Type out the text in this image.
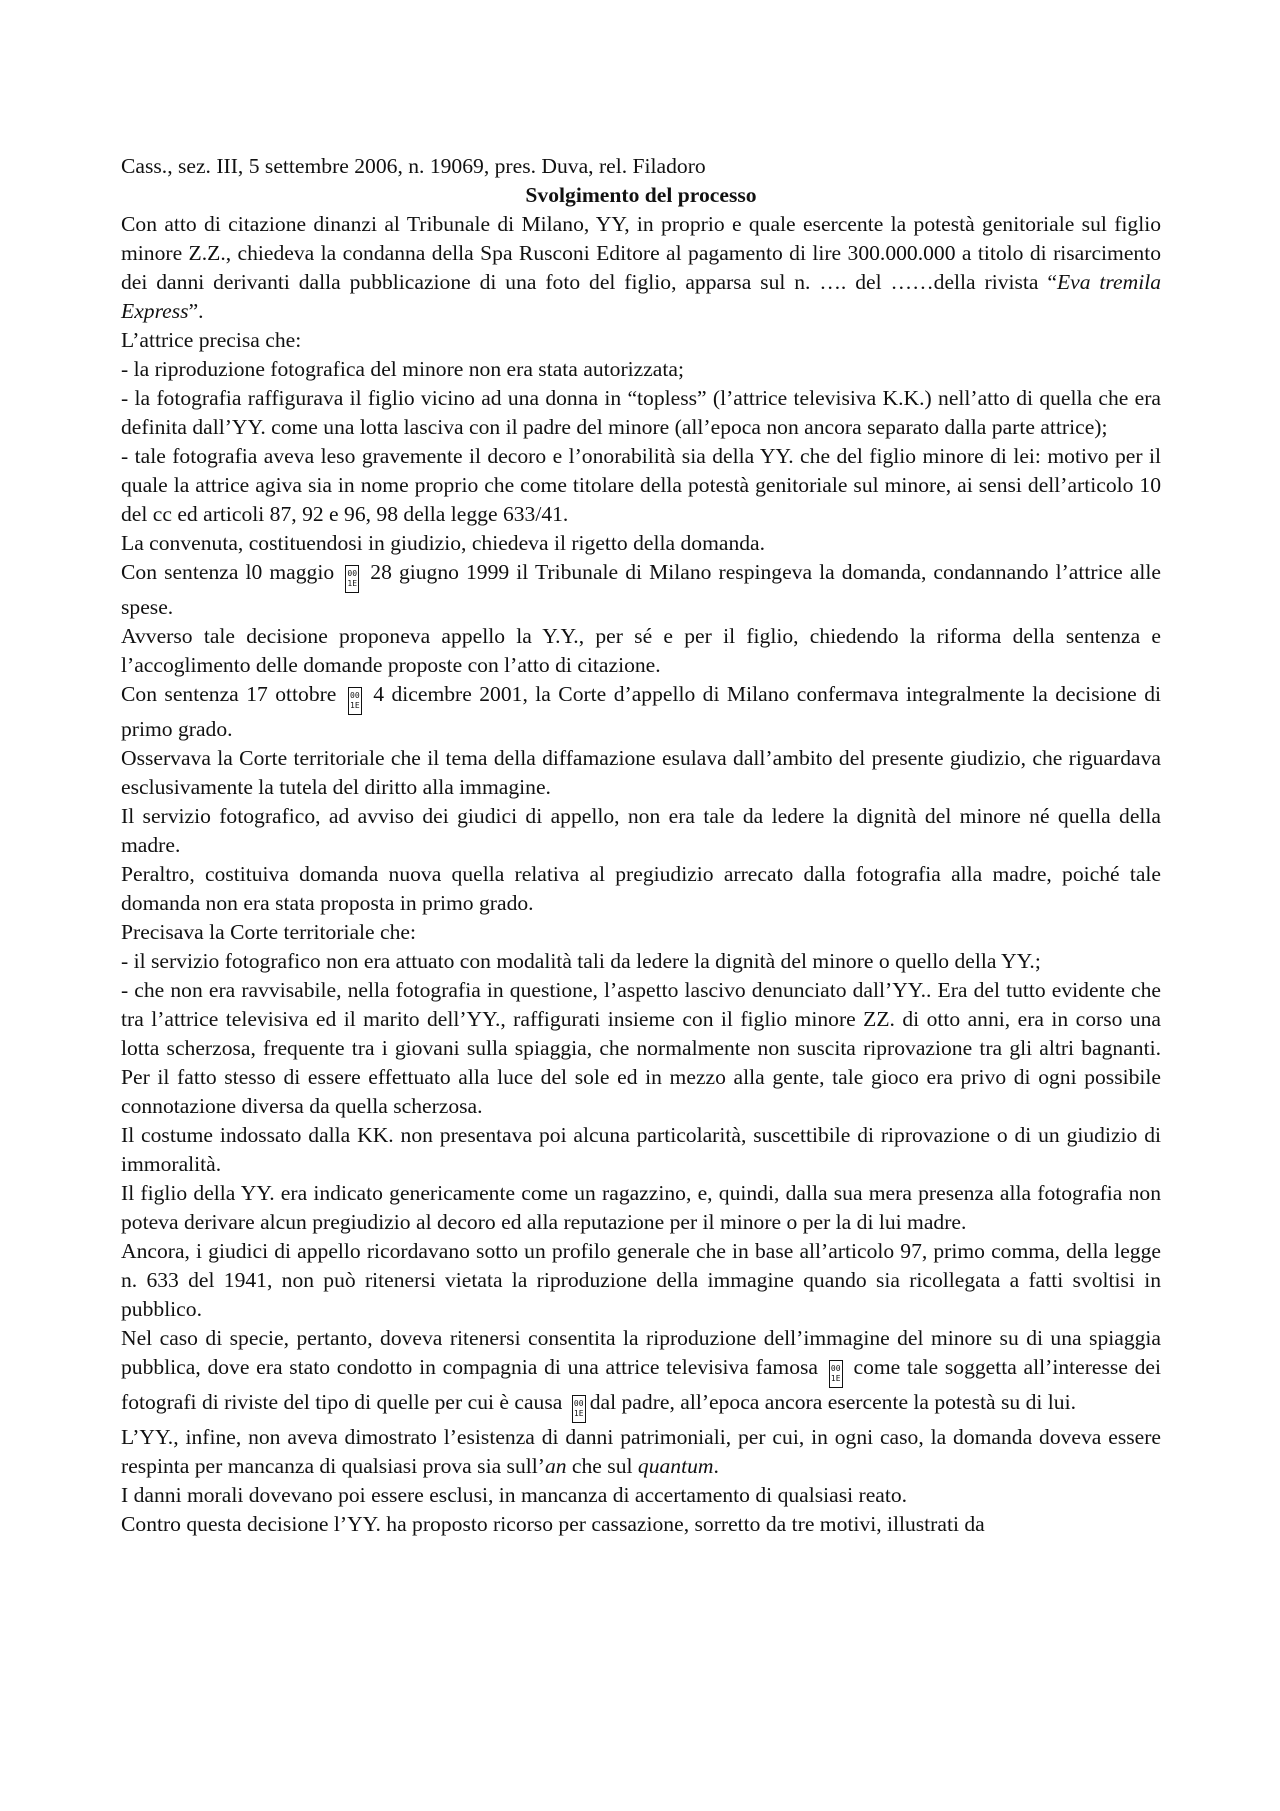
Cass., sez. III, 5 settembre 2006, n. 19069, pres. Duva, rel. Filadoro

Svolgimento del processo

Con atto di citazione dinanzi al Tribunale di Milano, YY, in proprio e quale esercente la potestà genitoriale sul figlio minore Z.Z., chiedeva la condanna della Spa Rusconi Editore al pagamento di lire 300.000.000 a titolo di risarcimento dei danni derivanti dalla pubblicazione di una foto del figlio, apparsa sul n. …. del ……della rivista “Eva tremila Express”.

L’attrice precisa che:

- la riproduzione fotografica del minore non era stata autorizzata;

- la fotografia raffigurava il figlio vicino ad una donna in “topless” (l’attrice televisiva K.K.) nell’atto di quella che era definita dall’YY. come una lotta lasciva con il padre del minore (all’epoca non ancora separato dalla parte attrice);

- tale fotografia aveva leso gravemente il decoro e l’onorabilità sia della YY. che del figlio minore di lei: motivo per il quale la attrice agiva sia in nome proprio che come titolare della potestà genitoriale sul minore, ai sensi dell’articolo 10 del cc ed articoli 87, 92 e 96, 98 della legge 633/41.

La convenuta, costituendosi in giudizio, chiedeva il rigetto della domanda.

Con sentenza l0 maggio 00
1E 28 giugno 1999 il Tribunale di Milano respingeva la domanda, condannando l’attrice alle spese.

Avverso tale decisione proponeva appello la Y.Y., per sé e per il figlio, chiedendo la riforma della sentenza e l’accoglimento delle domande proposte con l’atto di citazione.

Con sentenza 17 ottobre 00
1E 4 dicembre 2001, la Corte d’appello di Milano confermava integralmente la decisione di primo grado.

Osservava la Corte territoriale che il tema della diffamazione esulava dall’ambito del presente giudizio, che riguardava esclusivamente la tutela del diritto alla immagine.

Il servizio fotografico, ad avviso dei giudici di appello, non era tale da ledere la dignità del minore né quella della madre.

Peraltro, costituiva domanda nuova quella relativa al pregiudizio arrecato dalla fotografia alla madre, poiché tale domanda non era stata proposta in primo grado.

Precisava la Corte territoriale che:

- il servizio fotografico non era attuato con modalità tali da ledere la dignità del minore o quello della YY.;

- che non era ravvisabile, nella fotografia in questione, l’aspetto lascivo denunciato dall’YY.. Era del tutto evidente che tra l’attrice televisiva ed il marito dell’YY., raffigurati insieme con il figlio minore ZZ. di otto anni, era in corso una lotta scherzosa, frequente tra i giovani sulla spiaggia, che normalmente non suscita riprovazione tra gli altri bagnanti. Per il fatto stesso di essere effettuato alla luce del sole ed in mezzo alla gente, tale gioco era privo di ogni possibile connotazione diversa da quella scherzosa.

Il costume indossato dalla KK. non presentava poi alcuna particolarità, suscettibile di riprovazione o di un giudizio di immoralità.

Il figlio della YY. era indicato genericamente come un ragazzino, e, quindi, dalla sua mera presenza alla fotografia non poteva derivare alcun pregiudizio al decoro ed alla reputazione per il minore o per la di lui madre.

Ancora, i giudici di appello ricordavano sotto un profilo generale che in base all’articolo 97, primo comma, della legge n. 633 del 1941, non può ritenersi vietata la riproduzione della immagine quando sia ricollegata a fatti svoltisi in pubblico.

Nel caso di specie, pertanto, doveva ritenersi consentita la riproduzione dell’immagine del minore su di una spiaggia pubblica, dove era stato condotto in compagnia di una attrice televisiva famosa 00
1E come tale soggetta all’interesse dei fotografi di riviste del tipo di quelle per cui è causa 00
1E dal padre, all’epoca ancora esercente la potestà su di lui.

L’YY., infine, non aveva dimostrato l’esistenza di danni patrimoniali, per cui, in ogni caso, la domanda doveva essere respinta per mancanza di qualsiasi prova sia sull’an che sul quantum.

I danni morali dovevano poi essere esclusi, in mancanza di accertamento di qualsiasi reato.

Contro questa decisione l’YY. ha proposto ricorso per cassazione, sorretto da tre motivi, illustrati da
